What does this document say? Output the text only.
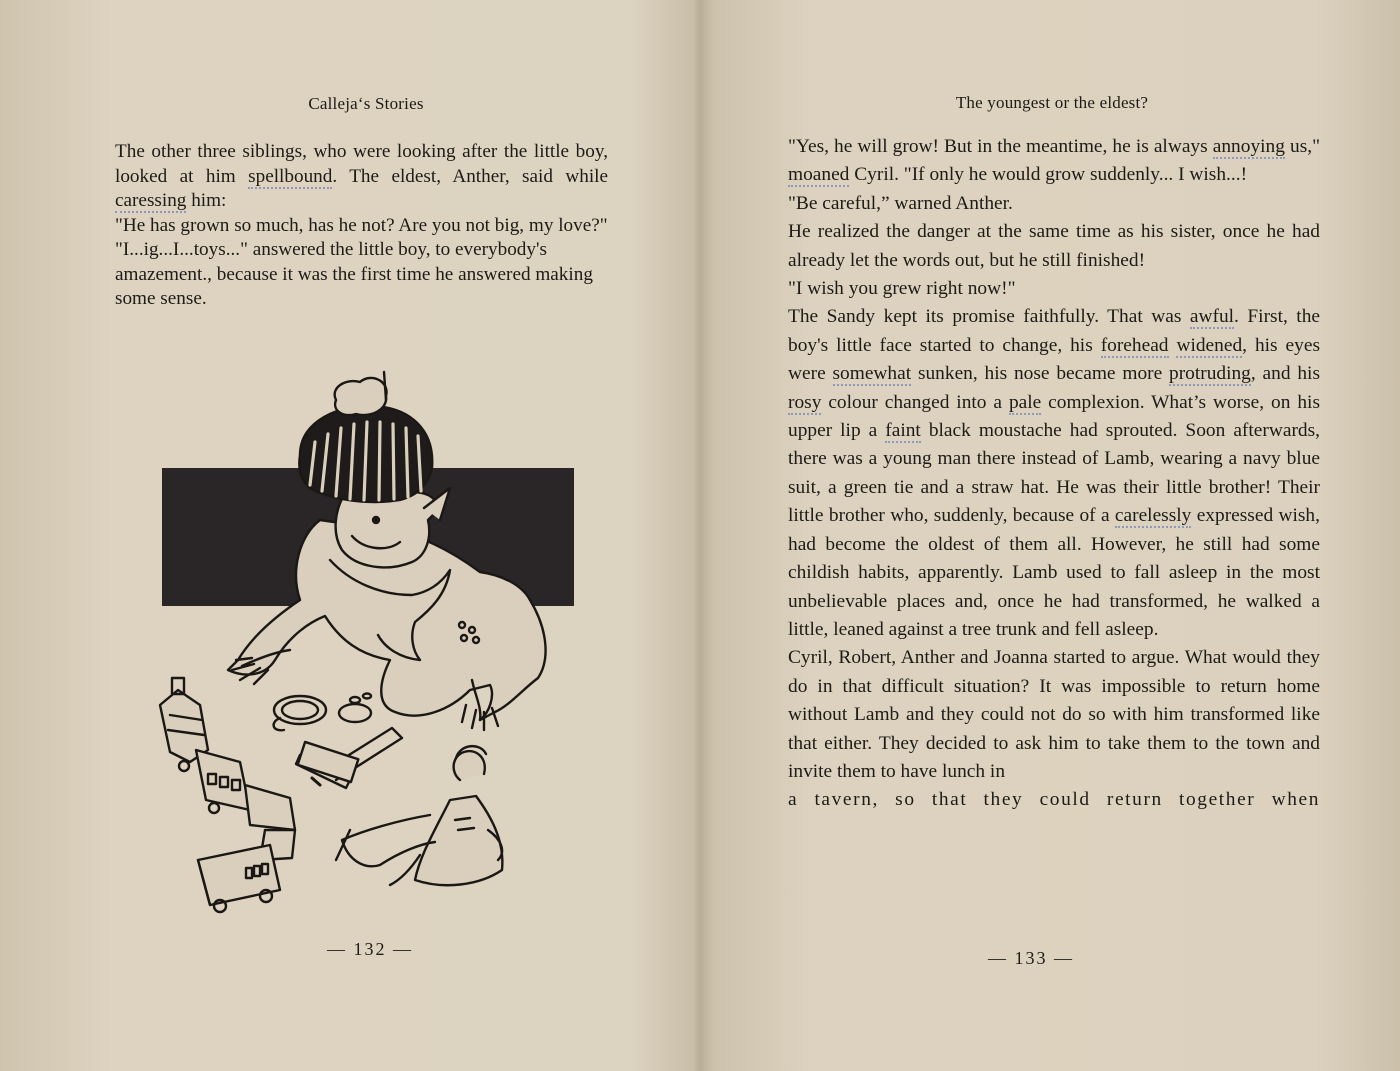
Callejaʻs Stories

The other three siblings, who were looking after the little boy, looked at him spellbound. The eldest, Anther, said while caressing him:

"He has grown so much, has he not? Are you not big, my love?"

"I...ig...I...toys..." answered the little boy, to everybody's amazement., because it was the first time he answered making some sense.

— 132 —
The youngest or the eldest?

"Yes, he will grow! But in the meantime, he is always annoying us," moaned Cyril. "If only he would grow suddenly... I wish...!

"Be careful,” warned Anther.

He realized the danger at the same time as his sister, once he had already let the words out, but he still finished!

"I wish you grew right now!"

The Sandy kept its promise faithfully. That was awful. First, the boy's little face started to change, his forehead widened, his eyes were somewhat sunken, his nose became more protruding, and his rosy colour changed into a pale complexion. What’s worse, on his upper lip a faint black moustache had sprouted. Soon afterwards, there was a young man there instead of Lamb, wearing a navy blue suit, a green tie and a straw hat. He was their little brother! Their little brother who, suddenly, because of a carelessly expressed wish, had become the oldest of them all. However, he still had some childish habits, apparently. Lamb used to fall asleep in the most unbelievable places and, once he had transformed, he walked a little, leaned against a tree trunk and fell asleep.

Cyril, Robert, Anther and Joanna started to argue. What would they do in that difficult situation? It was impossible to return home without Lamb and they could not do so with him transformed like that either. They decided to ask him to take them to the town and invite them to have lunch in

a tavern, so that they could return together when

— 133 —
